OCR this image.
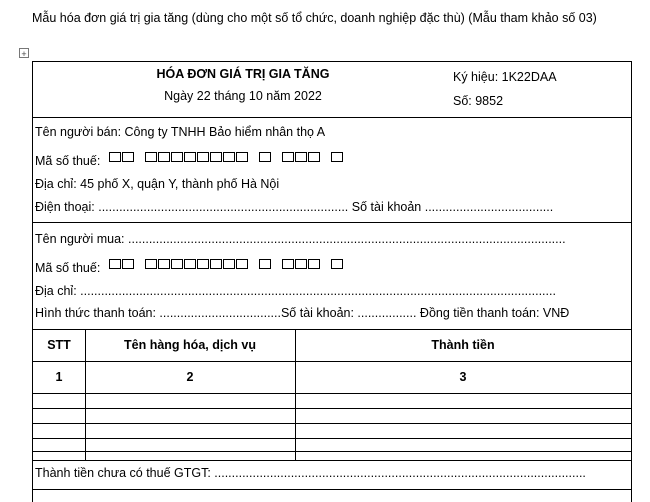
Mẫu hóa đơn giá trị gia tăng (dùng cho một số tổ chức, doanh nghiệp đặc thù) (Mẫu tham khảo số 03)
+
HÓA ĐƠN GIÁ TRỊ GIA TĂNG
Ngày 22 tháng 10 năm 2022
Ký hiệu: 1K22DAA
Số: 9852
Tên người bán: Công ty TNHH Bảo hiểm nhân thọ A
Mã số thuế:
Địa chỉ: 45 phố X, quận Y, thành phố Hà Nội
Điện thoại: ........................................................................ Số tài khoản .....................................
Tên người mua: ..............................................................................................................................
Mã số thuế:
Địa chỉ: .........................................................................................................................................
Hình thức thanh toán: ...................................Số tài khoản: ................. Đồng tiền thanh toán: VNĐ
STT	Tên hàng hóa, dịch vụ	Thành tiền
1	2	3
Thành tiền chưa có thuế GTGT: ...........................................................................................................
